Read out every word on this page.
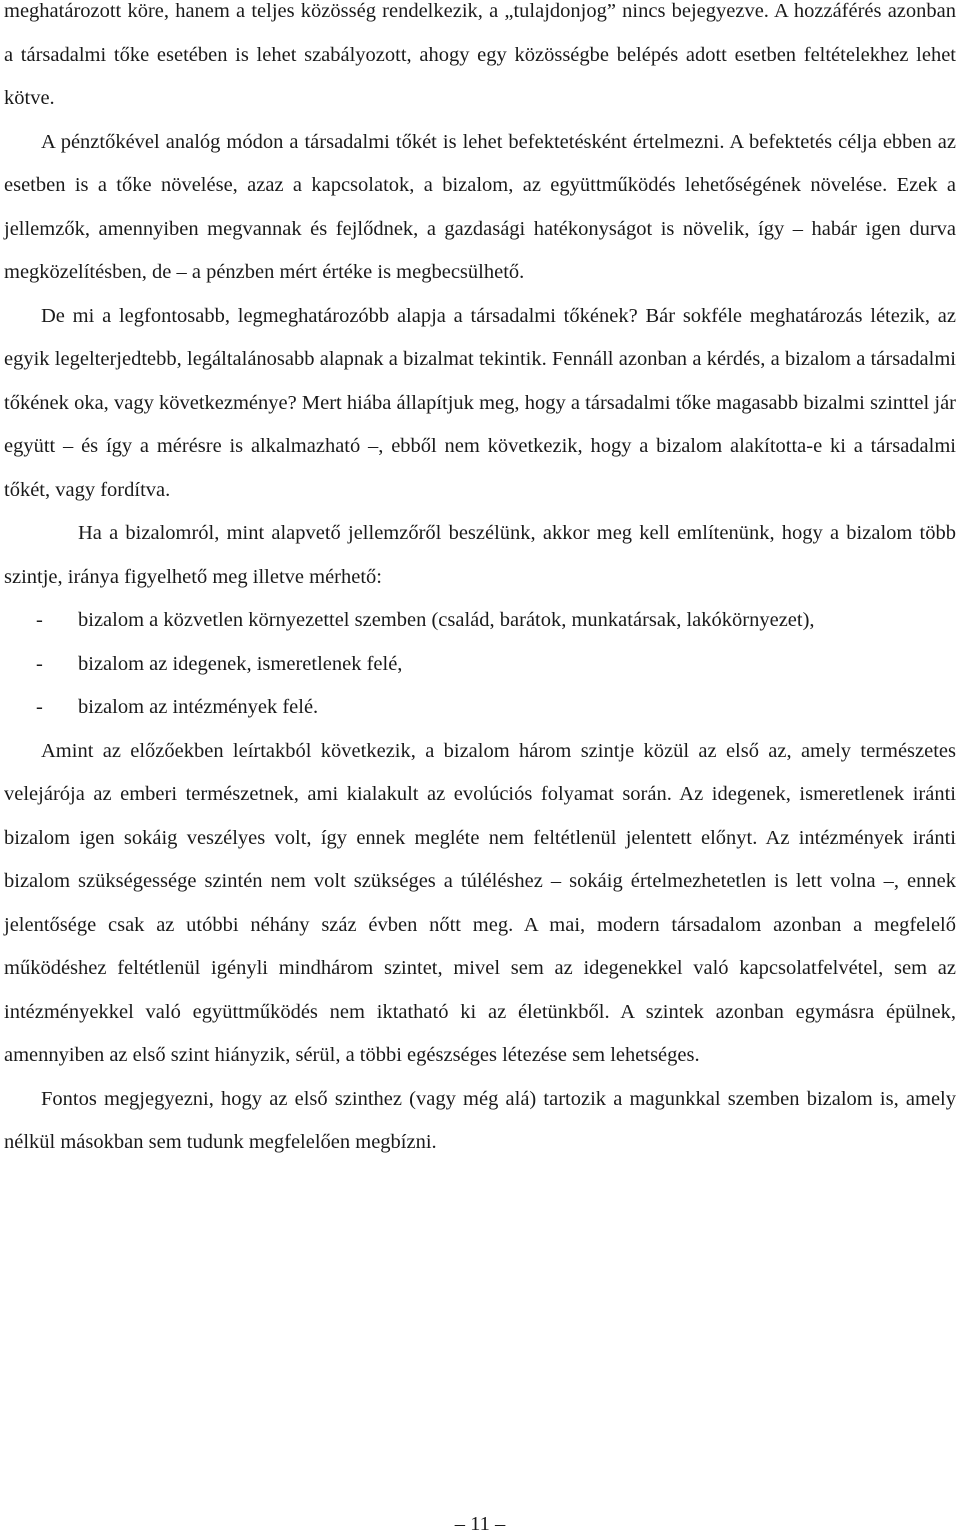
meghatározott köre, hanem a teljes közösség rendelkezik, a „tulajdonjog” nincs bejegyezve. A hozzáférés azonban a társadalmi tőke esetében is lehet szabályozott, ahogy egy közösségbe belépés adott esetben feltételekhez lehet kötve.

A pénztőkével analóg módon a társadalmi tőkét is lehet befektetésként értelmezni. A befektetés célja ebben az esetben is a tőke növelése, azaz a kapcsolatok, a bizalom, az együttműködés lehetőségének növelése. Ezek a jellemzők, amennyiben megvannak és fejlődnek, a gazdasági hatékonyságot is növelik, így – habár igen durva megközelítésben, de – a pénzben mért értéke is megbecsülhető.

De mi a legfontosabb, legmeghatározóbb alapja a társadalmi tőkének? Bár sokféle meghatározás létezik, az egyik legelterjedtebb, legáltalánosabb alapnak a bizalmat tekintik. Fennáll azonban a kérdés, a bizalom a társadalmi tőkének oka, vagy következménye? Mert hiába állapítjuk meg, hogy a társadalmi tőke magasabb bizalmi szinttel jár együtt – és így a mérésre is alkalmazható –, ebből nem következik, hogy a bizalom alakította-e ki a társadalmi tőkét, vagy fordítva.

Ha a bizalomról, mint alapvető jellemzőről beszélünk, akkor meg kell említenünk, hogy a bizalom több szintje, iránya figyelhető meg illetve mérhető:

- bizalom a közvetlen környezettel szemben (család, barátok, munkatársak, lakókörnyezet),
- bizalom az idegenek, ismeretlenek felé,
- bizalom az intézmények felé.

Amint az előzőekben leírtakból következik, a bizalom három szintje közül az első az, amely természetes velejárója az emberi természetnek, ami kialakult az evolúciós folyamat során. Az idegenek, ismeretlenek iránti bizalom igen sokáig veszélyes volt, így ennek megléte nem feltétlenül jelentett előnyt. Az intézmények iránti bizalom szükségessége szintén nem volt szükséges a túléléshez – sokáig értelmezhetetlen is lett volna –, ennek jelentősége csak az utóbbi néhány száz évben nőtt meg. A mai, modern társadalom azonban a megfelelő működéshez feltétlenül igényli mindhárom szintet, mivel sem az idegenekkel való kapcsolatfelvétel, sem az intézményekkel való együttműködés nem iktatható ki az életünkből. A szintek azonban egymásra épülnek, amennyiben az első szint hiányzik, sérül, a többi egészséges létezése sem lehetséges.

Fontos megjegyezni, hogy az első szinthez (vagy még alá) tartozik a magunkkal szemben bizalom is, amely nélkül másokban sem tudunk megfelelően megbízni.

– 11 –
